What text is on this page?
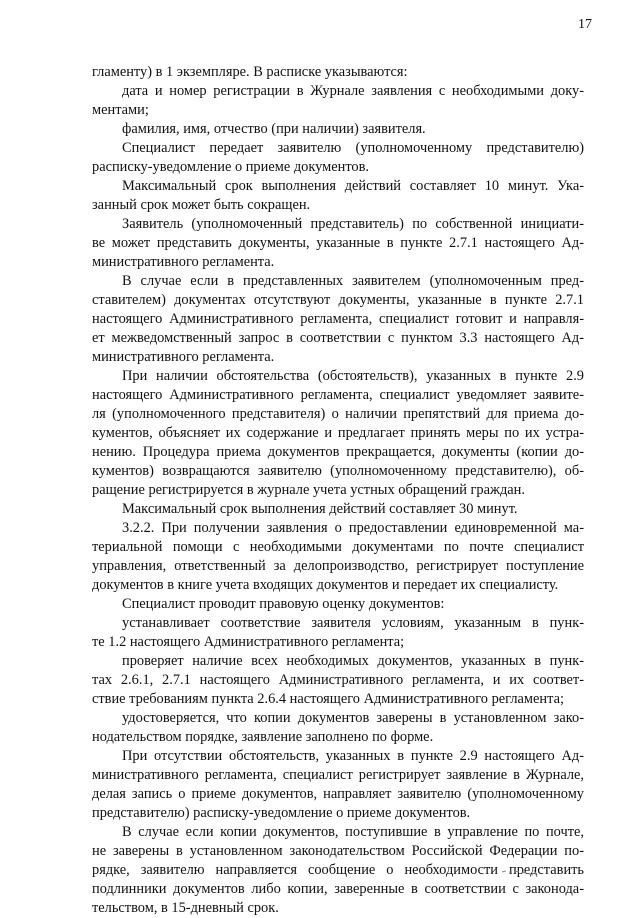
17
гламенту) в 1 экземпляре. В расписке указываются:
дата и номер регистрации в Журнале заявления с необходимыми доку-
ментами;
фамилия, имя, отчество (при наличии) заявителя.
Специалист передает заявителю (уполномоченному представителю)
расписку-уведомление о приеме документов.
Максимальный срок выполнения действий составляет 10 минут. Ука-
занный срок может быть сокращен.
Заявитель (уполномоченный представитель) по собственной инициати-
ве может представить документы, указанные в пункте 2.7.1 настоящего Ад-
министративного регламента.
В случае если в представленных заявителем (уполномоченным пред-
ставителем) документах отсутствуют документы, указанные в пункте 2.7.1
настоящего Административного регламента, специалист готовит и направля-
ет межведомственный запрос в соответствии с пунктом 3.3 настоящего Ад-
министративного регламента.
При наличии обстоятельства (обстоятельств), указанных в пункте 2.9
настоящего Административного регламента, специалист уведомляет заявите-
ля (уполномоченного представителя) о наличии препятствий для приема до-
кументов, объясняет их содержание и предлагает принять меры по их устра-
нению. Процедура приема документов прекращается, документы (копии до-
кументов) возвращаются заявителю (уполномоченному представителю), об-
ращение регистрируется в журнале учета устных обращений граждан.
Максимальный срок выполнения действий составляет 30 минут.
3.2.2. При получении заявления о предоставлении единовременной ма-
териальной помощи с необходимыми документами по почте специалист
управления, ответственный за делопроизводство, регистрирует поступление
документов в книге учета входящих документов и передает их специалисту.
Специалист проводит правовую оценку документов:
устанавливает соответствие заявителя условиям, указанным в пунк-
те 1.2 настоящего Административного регламента;
проверяет наличие всех необходимых документов, указанных в пунк-
тах 2.6.1, 2.7.1 настоящего Административного регламента, и их соответ-
ствие требованиям пункта 2.6.4 настоящего Административного регламента;
удостоверяется, что копии документов заверены в установленном зако-
нодательством порядке, заявление заполнено по форме.
При отсутствии обстоятельств, указанных в пункте 2.9 настоящего Ад-
министративного регламента, специалист регистрирует заявление в Журнале,
делая запись о приеме документов, направляет заявителю (уполномоченному
представителю) расписку-уведомление о приеме документов.
В случае если копии документов, поступившие в управление по почте,
не заверены в установленном законодательством Российской Федерации по-
рядке, заявителю направляется сообщение о необходимости представить
подлинники документов либо копии, заверенные в соответствии с законода-
тельством, в 15-дневный срок.
